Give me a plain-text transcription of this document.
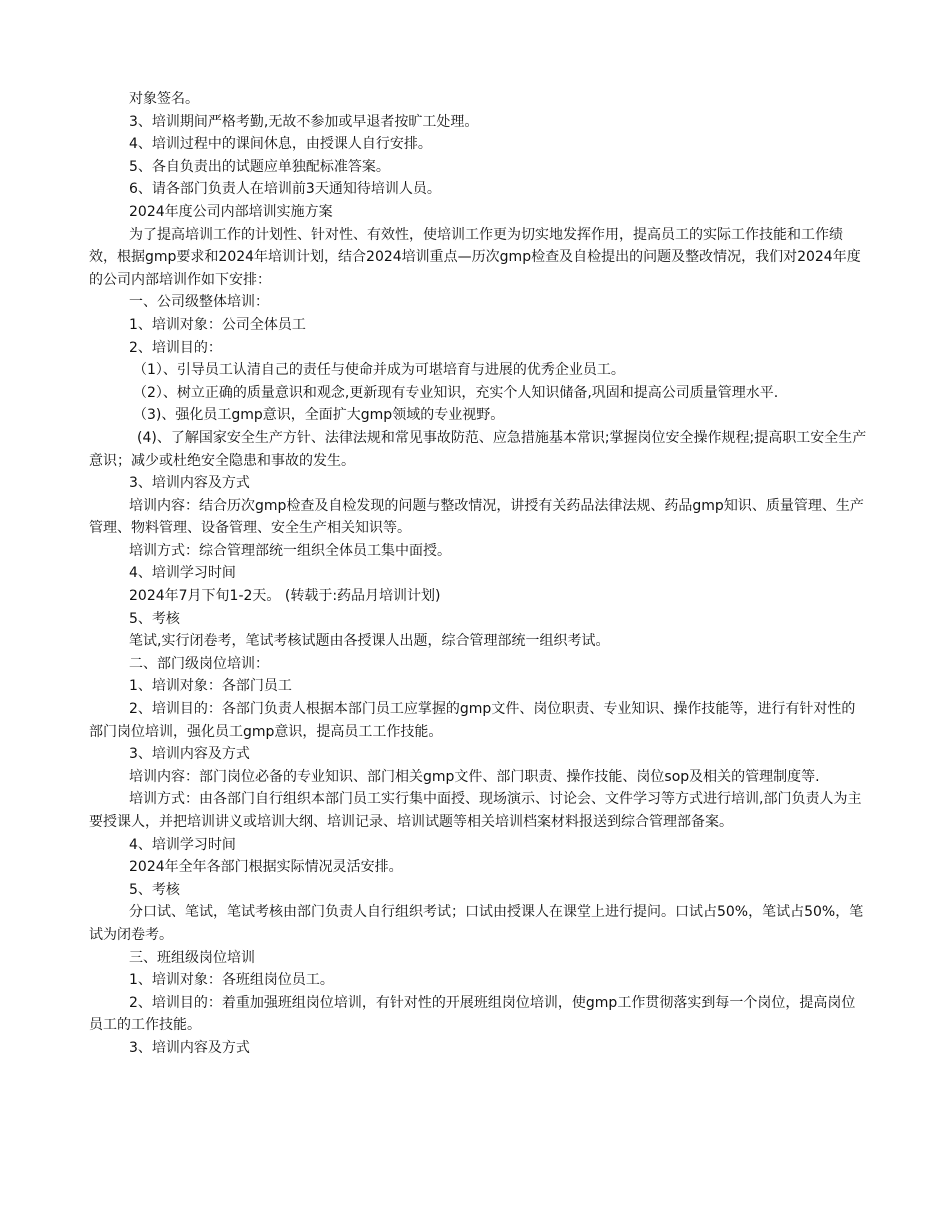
对象签名。

3、培训期间严格考勤,无故不参加或早退者按旷工处理。

4、培训过程中的课间休息，由授课人自行安排。

5、各自负责出的试题应单独配标准答案。

6、请各部门负责人在培训前3天通知待培训人员。

2024年度公司内部培训实施方案

为了提高培训工作的计划性、针对性、有效性，使培训工作更为切实地发挥作用，提高员工的实际工作技能和工作绩效，根据gmp要求和2024年培训计划，结合2024培训重点—历次gmp检查及自检提出的问题及整改情况，我们对2024年度的公司内部培训作如下安排：

一、公司级整体培训：

1、培训对象：公司全体员工

2、培训目的：

（1）、引导员工认清自己的责任与使命并成为可堪培育与进展的优秀企业员工。

（2）、树立正确的质量意识和观念,更新现有专业知识，充实个人知识储备,巩固和提高公司质量管理水平.

（3)、强化员工gmp意识，全面扩大gmp领域的专业视野。

(4)、了解国家安全生产方针、法律法规和常见事故防范、应急措施基本常识;掌握岗位安全操作规程;提高职工安全生产意识；减少或杜绝安全隐患和事故的发生。

3、培训内容及方式

培训内容：结合历次gmp检查及自检发现的问题与整改情况，讲授有关药品法律法规、药品gmp知识、质量管理、生产管理、物料管理、设备管理、安全生产相关知识等。

培训方式：综合管理部统一组织全体员工集中面授。

4、培训学习时间

2024年7月下旬1-2天。 (转载于:药品月培训计划)

5、考核

笔试,实行闭卷考，笔试考核试题由各授课人出题，综合管理部统一组织考试。

二、部门级岗位培训：

1、培训对象：各部门员工

2、培训目的：各部门负责人根据本部门员工应掌握的gmp文件、岗位职责、专业知识、操作技能等，进行有针对性的部门岗位培训，强化员工gmp意识，提高员工工作技能。

3、培训内容及方式

培训内容：部门岗位必备的专业知识、部门相关gmp文件、部门职责、操作技能、岗位sop及相关的管理制度等.

培训方式：由各部门自行组织本部门员工实行集中面授、现场演示、讨论会、文件学习等方式进行培训,部门负责人为主要授课人，并把培训讲义或培训大纲、培训记录、培训试题等相关培训档案材料报送到综合管理部备案。

4、培训学习时间

2024年全年各部门根据实际情况灵活安排。

5、考核

分口试、笔试，笔试考核由部门负责人自行组织考试；口试由授课人在课堂上进行提问。口试占50%，笔试占50%，笔试为闭卷考。

三、班组级岗位培训

1、培训对象：各班组岗位员工。

2、培训目的：着重加强班组岗位培训，有针对性的开展班组岗位培训，使gmp工作贯彻落实到每一个岗位，提高岗位员工的工作技能。

3、培训内容及方式
